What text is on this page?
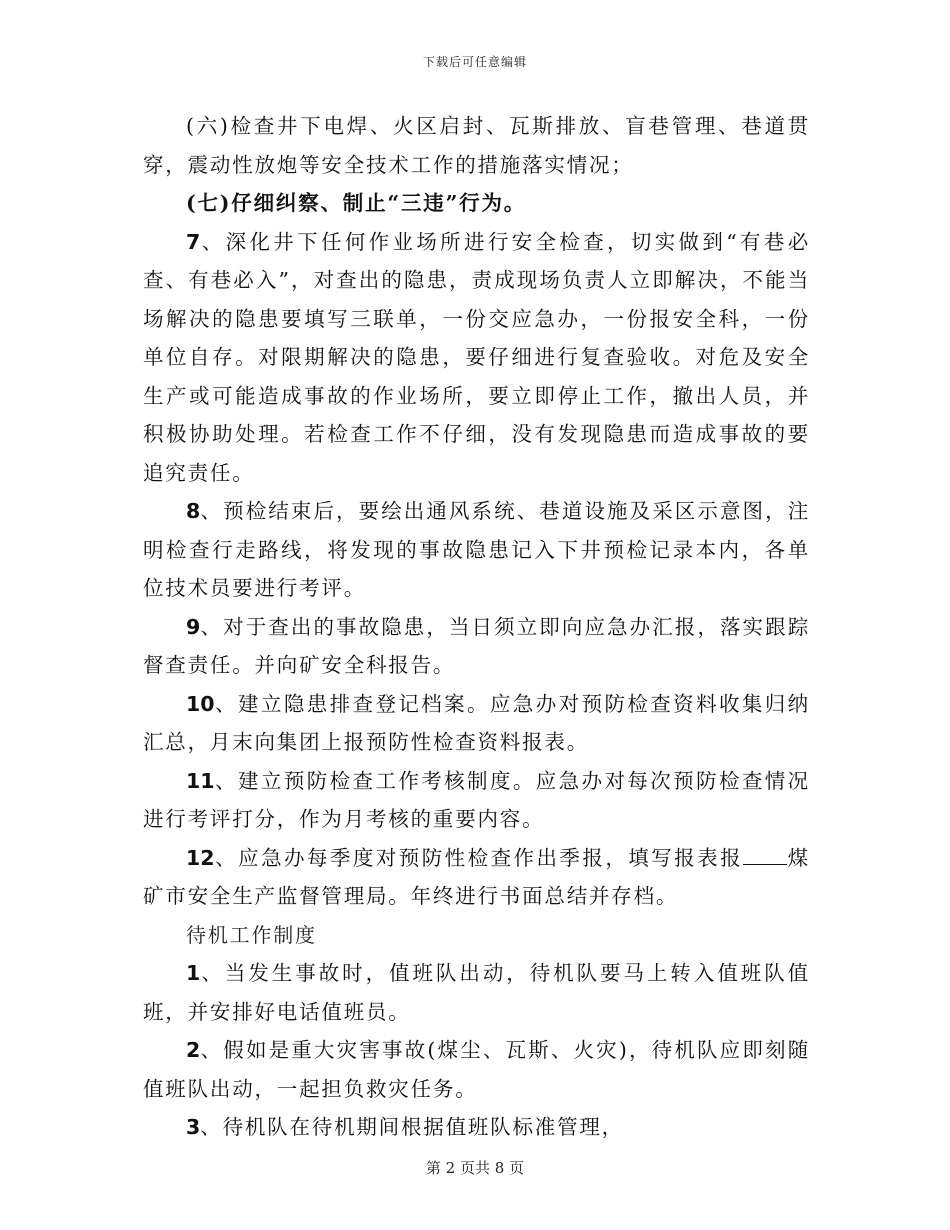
下载后可任意编辑

(六)检查井下电焊、火区启封、瓦斯排放、盲巷管理、巷道贯穿，震动性放炮等安全技术工作的措施落实情况；

(七)仔细纠察、制止“三违”行为。

7、深化井下任何作业场所进行安全检查，切实做到“有巷必查、有巷必入”，对查出的隐患，责成现场负责人立即解决，不能当场解决的隐患要填写三联单，一份交应急办，一份报安全科，一份单位自存。对限期解决的隐患，要仔细进行复查验收。对危及安全生产或可能造成事故的作业场所，要立即停止工作，撤出人员，并积极协助处理。若检查工作不仔细，没有发现隐患而造成事故的要追究责任。

8、预检结束后，要绘出通风系统、巷道设施及采区示意图，注明检查行走路线，将发现的事故隐患记入下井预检记录本内，各单位技术员要进行考评。

9、对于查出的事故隐患，当日须立即向应急办汇报，落实跟踪督查责任。并向矿安全科报告。

10、建立隐患排查登记档案。应急办对预防检查资料收集归纳汇总，月末向集团上报预防性检查资料报表。

11、建立预防检查工作考核制度。应急办对每次预防检查情况进行考评打分，作为月考核的重要内容。

12、应急办每季度对预防性检查作出季报，填写报表报 煤矿市安全生产监督管理局。年终进行书面总结并存档。

待机工作制度

1、当发生事故时，值班队出动，待机队要马上转入值班队值班，并安排好电话值班员。

2、假如是重大灾害事故(煤尘、瓦斯、火灾)，待机队应即刻随值班队出动，一起担负救灾任务。

3、待机队在待机期间根据值班队标准管理，

第 2 页共 8 页
